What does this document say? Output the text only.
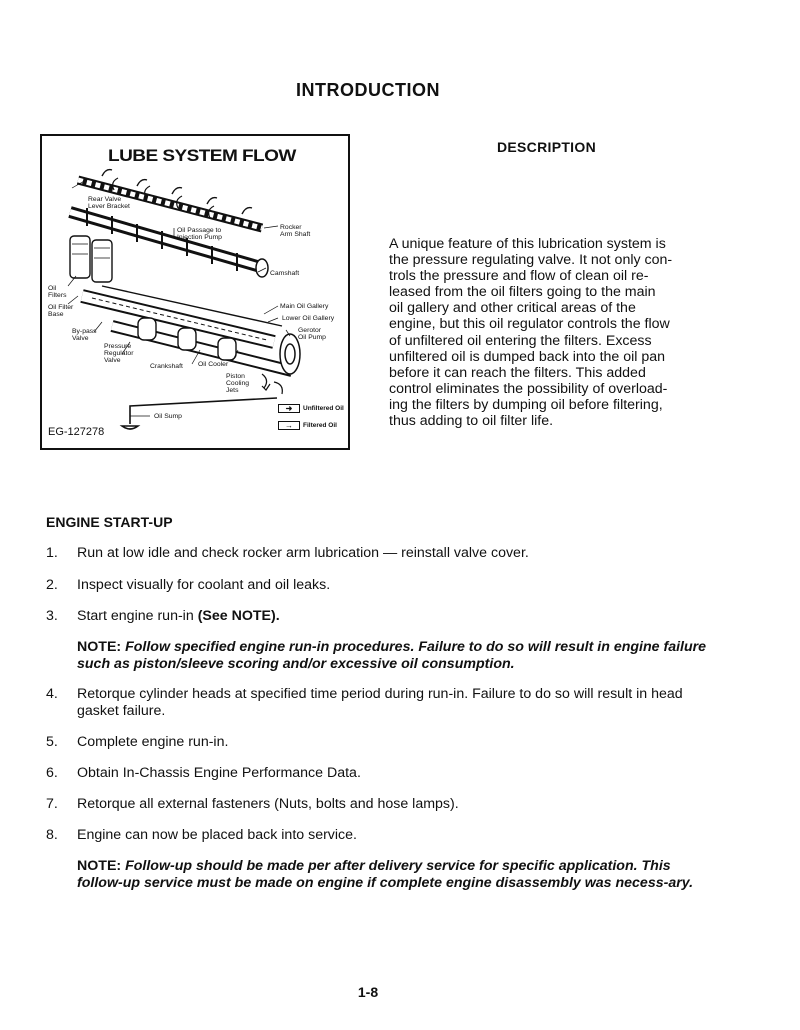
INTRODUCTION
Rear Valve
Lever Bracket
Oil Passage to
Injection Pump
Rocker
Arm Shaft
Camshaft
Oil
Filters
Oil Filter
Base
Main Oil Gallery
Lower Oil Gallery
By-pass
Valve
Pressure
Regulator
Valve
Gerotor
Oil Pump
Crankshaft Oil Cooler
Piston
Cooling
Jets
Oil Sump
LUBE SYSTEM FLOW
➜	Unfiltered Oil
→	Filtered Oil
EG-127278
DESCRIPTION
A unique feature of this lubrication system is
the pressure regulating valve. It not only con-
trols the pressure and flow of clean oil re-
leased from the oil filters going to the main
oil gallery and other critical areas of the
engine, but this oil regulator controls the flow
of unfiltered oil entering the filters. Excess
unfiltered oil is dumped back into the oil pan
before it can reach the filters. This added
control eliminates the possibility of overload-
ing the filters by dumping oil before filtering,
thus adding to oil filter life.
ENGINE START-UP
1.	Run at low idle and check rocker arm lubrication — reinstall valve cover.
2.	Inspect visually for coolant and oil leaks.
3.	Start engine run-in (See NOTE).
NOTE: Follow specified engine run-in procedures. Failure to do so will result in engine failure such as piston/sleeve scoring and/or excessive oil consumption.
4.	Retorque cylinder heads at specified time period during run-in. Failure to do so will result in head gasket failure.
5.	Complete engine run-in.
6.	Obtain In-Chassis Engine Performance Data.
7.	Retorque all external fasteners (Nuts, bolts and hose lamps).
8.	Engine can now be placed back into service.
NOTE: Follow-up should be made per after delivery service for specific application. This follow-up service must be made on engine if complete engine disassembly was necess-ary.
1-8
